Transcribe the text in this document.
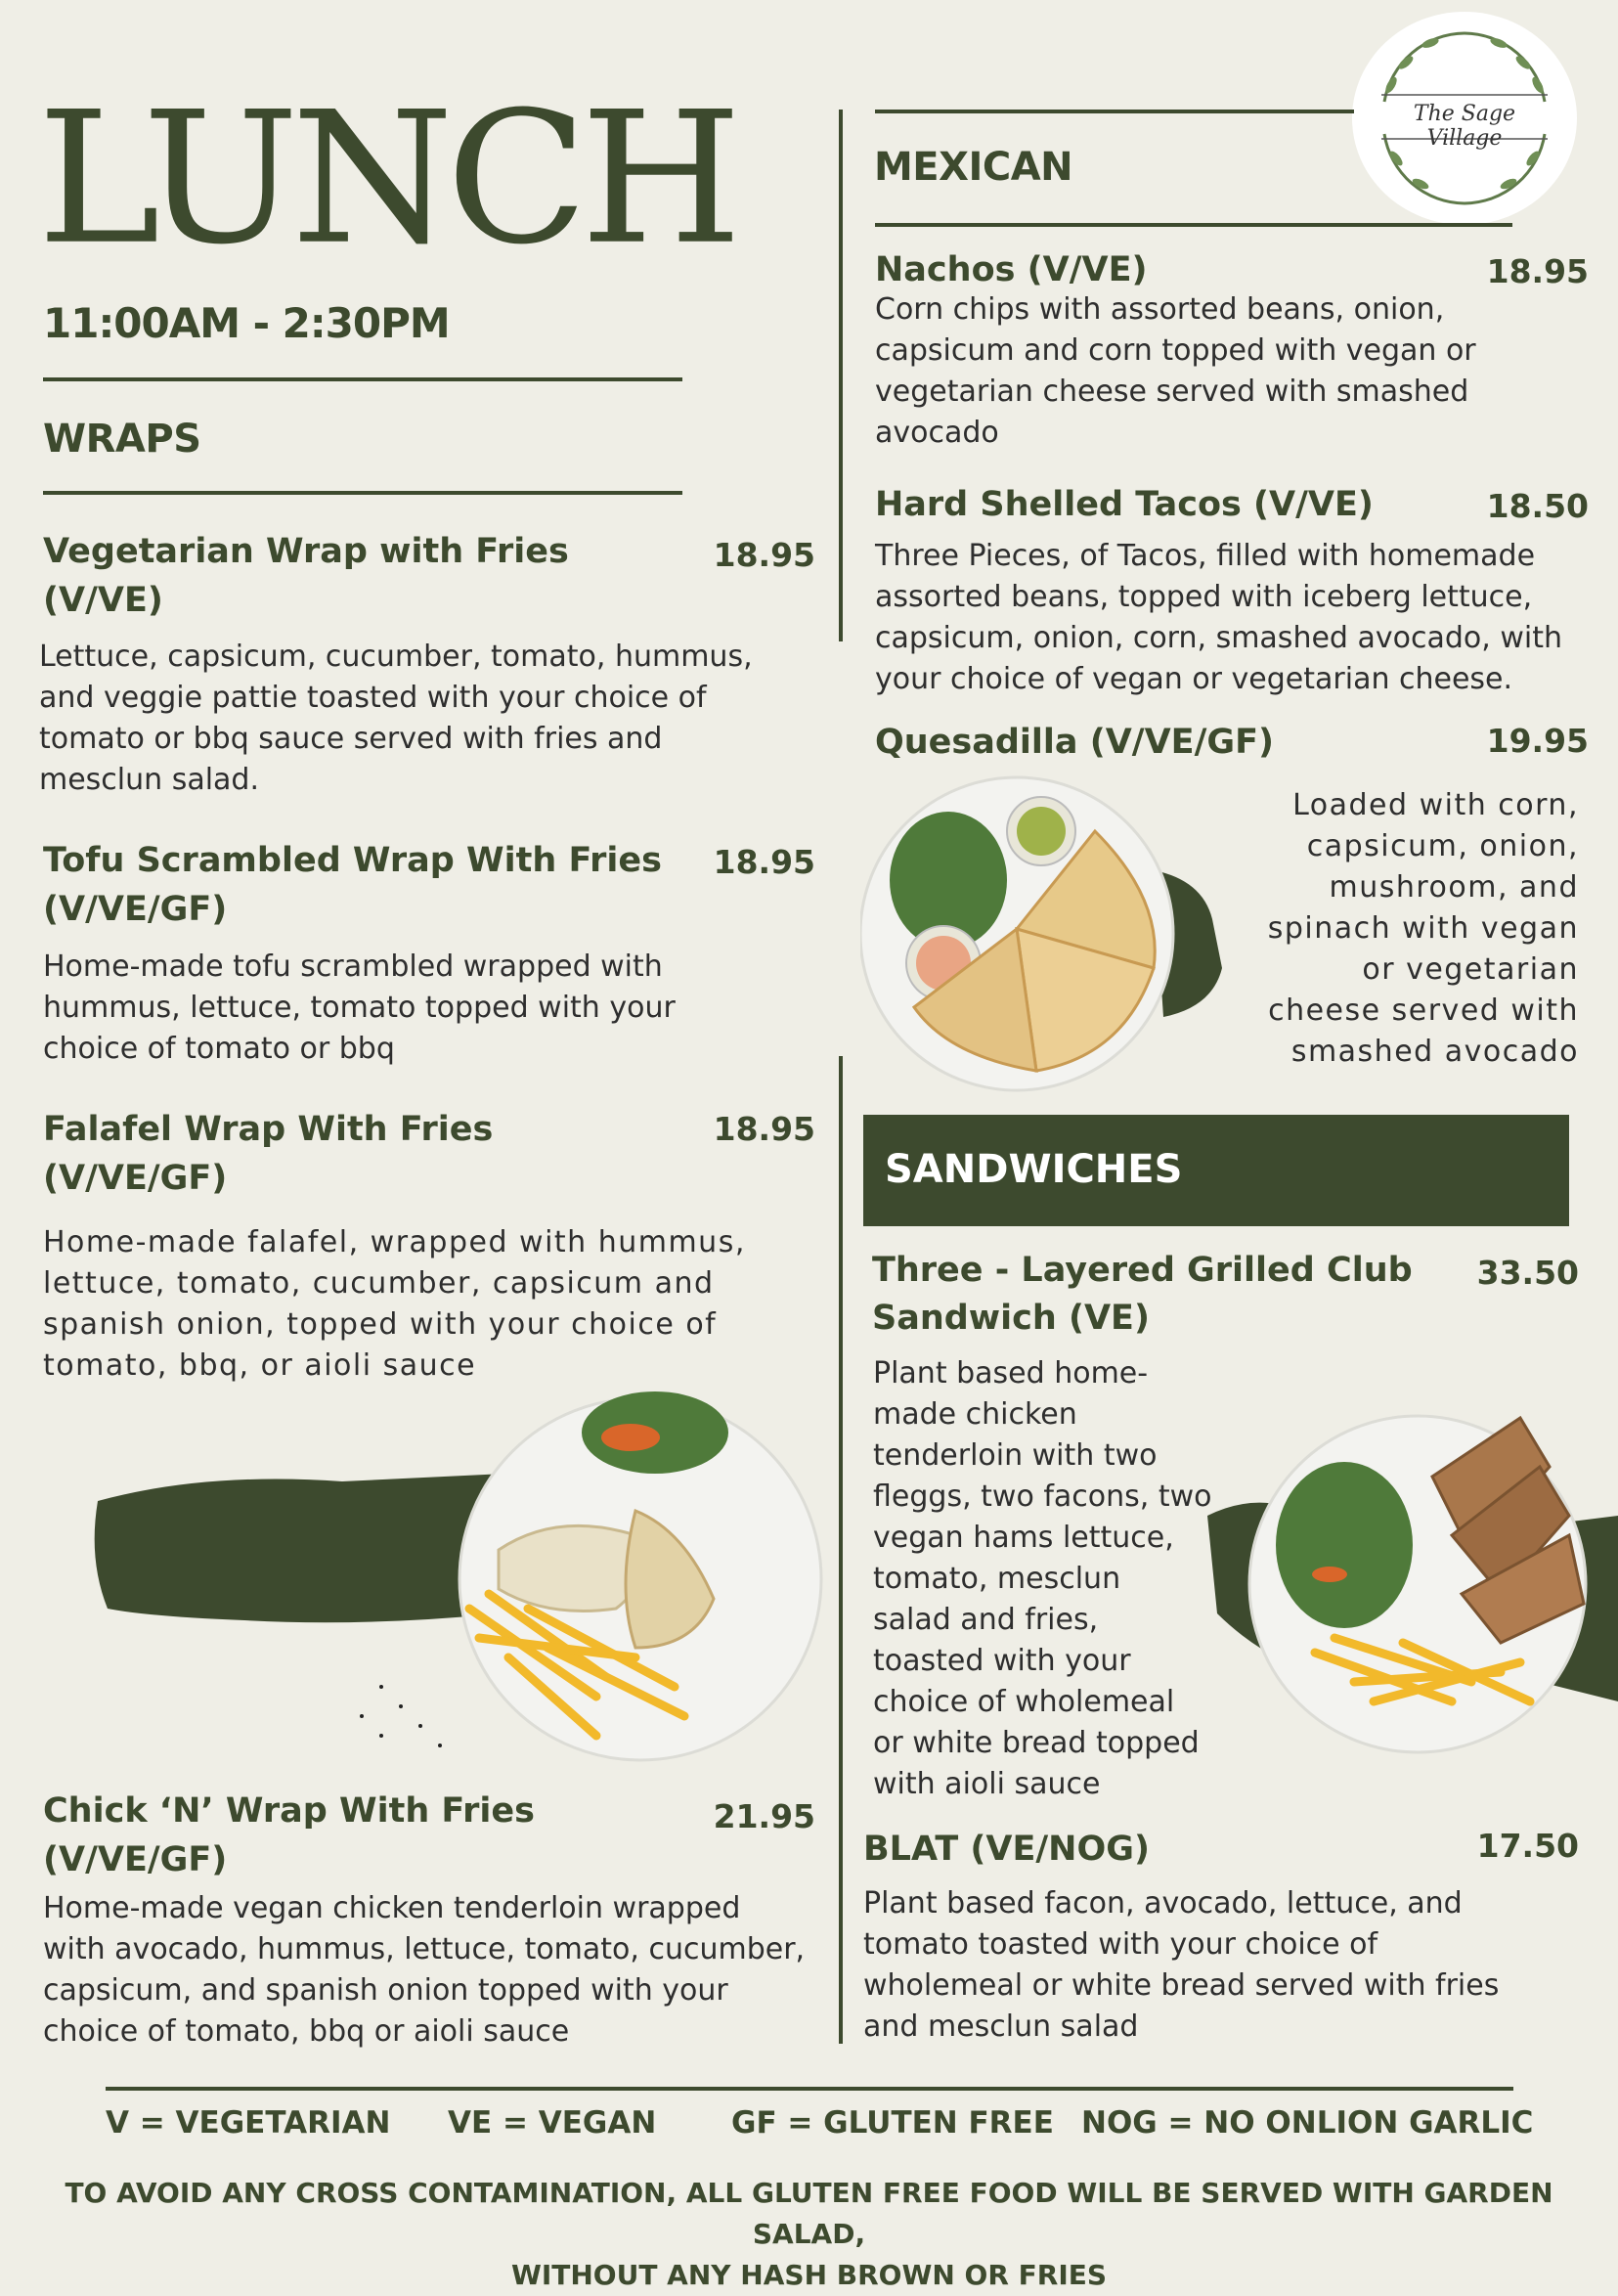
The Sage Village
LUNCH
11:00AM - 2:30PM
WRAPS
Vegetarian Wrap with Fries
(V/VE)
18.95
Lettuce, capsicum, cucumber, tomato, hummus,
and veggie pattie toasted with your choice of
tomato or bbq sauce served with fries and
mesclun salad.
Tofu Scrambled Wrap With Fries
(V/VE/GF)
18.95
Home-made tofu scrambled wrapped with
hummus, lettuce, tomato topped with your
choice of tomato or bbq
Falafel Wrap With Fries
(V/VE/GF)
18.95
Home-made falafel, wrapped with hummus,
lettuce, tomato, cucumber, capsicum and
spanish onion, topped with your choice of
tomato, bbq, or aioli sauce
Chick ‘N’ Wrap With Fries
(V/VE/GF)
21.95
Home-made vegan chicken tenderloin wrapped
with avocado, hummus, lettuce, tomato, cucumber,
capsicum, and spanish onion topped with your
choice of tomato, bbq or aioli sauce
MEXICAN
Nachos (V/VE)	18.95
Corn chips with assorted beans, onion,
capsicum and corn topped with vegan or
vegetarian cheese served with smashed
avocado
Hard Shelled Tacos (V/VE)	18.50
Three Pieces, of Tacos, filled with homemade
assorted beans, topped with iceberg lettuce,
capsicum, onion, corn, smashed avocado, with
your choice of vegan or vegetarian cheese.
Quesadilla (V/VE/GF)	19.95
Loaded with corn,
capsicum, onion,
mushroom, and
spinach with vegan
or vegetarian
cheese served with
smashed avocado
SANDWICHES
Three - Layered Grilled Club
Sandwich (VE)
33.50
Plant based home-
made chicken
tenderloin with two
fleggs, two facons, two
vegan hams lettuce,
tomato, mesclun
salad and fries,
toasted with your
choice of wholemeal
or white bread topped
with aioli sauce
BLAT (VE/NOG)	17.50
Plant based facon, avocado, lettuce, and
tomato toasted with your choice of
wholemeal or white bread served with fries
and mesclun salad
V = VEGETARIAN VE = VEGAN GF = GLUTEN FREE NOG = NO ONLION GARLIC
TO AVOID ANY CROSS CONTAMINATION, ALL GLUTEN FREE FOOD WILL BE SERVED WITH GARDEN SALAD,
WITHOUT ANY HASH BROWN OR FRIES
